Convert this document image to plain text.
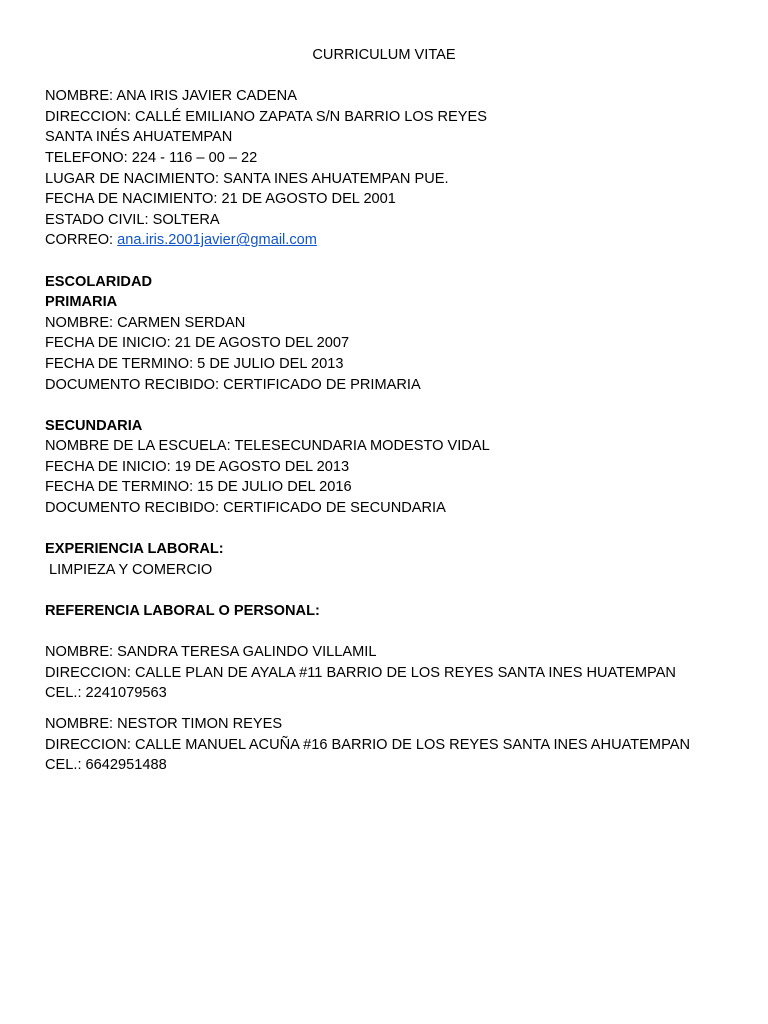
CURRICULUM VITAE
NOMBRE: ANA IRIS JAVIER CADENA
DIRECCION: CALLÉ EMILIANO ZAPATA S/N BARRIO LOS REYES
SANTA INÉS AHUATEMPAN
TELEFONO: 224 - 116 – 00 – 22
LUGAR DE NACIMIENTO: SANTA INES AHUATEMPAN PUE.
FECHA DE NACIMIENTO: 21 DE AGOSTO DEL 2001
ESTADO CIVIL: SOLTERA
CORREO: ana.iris.2001javier@gmail.com
ESCOLARIDAD
PRIMARIA
NOMBRE: CARMEN SERDAN
FECHA DE INICIO: 21 DE AGOSTO DEL 2007
FECHA DE TERMINO: 5 DE JULIO DEL 2013
DOCUMENTO RECIBIDO: CERTIFICADO DE PRIMARIA
SECUNDARIA
NOMBRE DE LA ESCUELA: TELESECUNDARIA MODESTO VIDAL
FECHA DE INICIO: 19 DE AGOSTO DEL 2013
FECHA DE TERMINO: 15 DE JULIO DEL 2016
DOCUMENTO RECIBIDO: CERTIFICADO DE SECUNDARIA
EXPERIENCIA LABORAL:
LIMPIEZA Y COMERCIO
REFERENCIA LABORAL O PERSONAL:
NOMBRE: SANDRA TERESA GALINDO VILLAMIL
DIRECCION: CALLE PLAN DE AYALA #11 BARRIO DE LOS REYES SANTA INES HUATEMPAN
CEL.: 2241079563
NOMBRE: NESTOR TIMON REYES
DIRECCION: CALLE MANUEL ACUÑA #16 BARRIO DE LOS REYES SANTA INES AHUATEMPAN
CEL.: 6642951488
